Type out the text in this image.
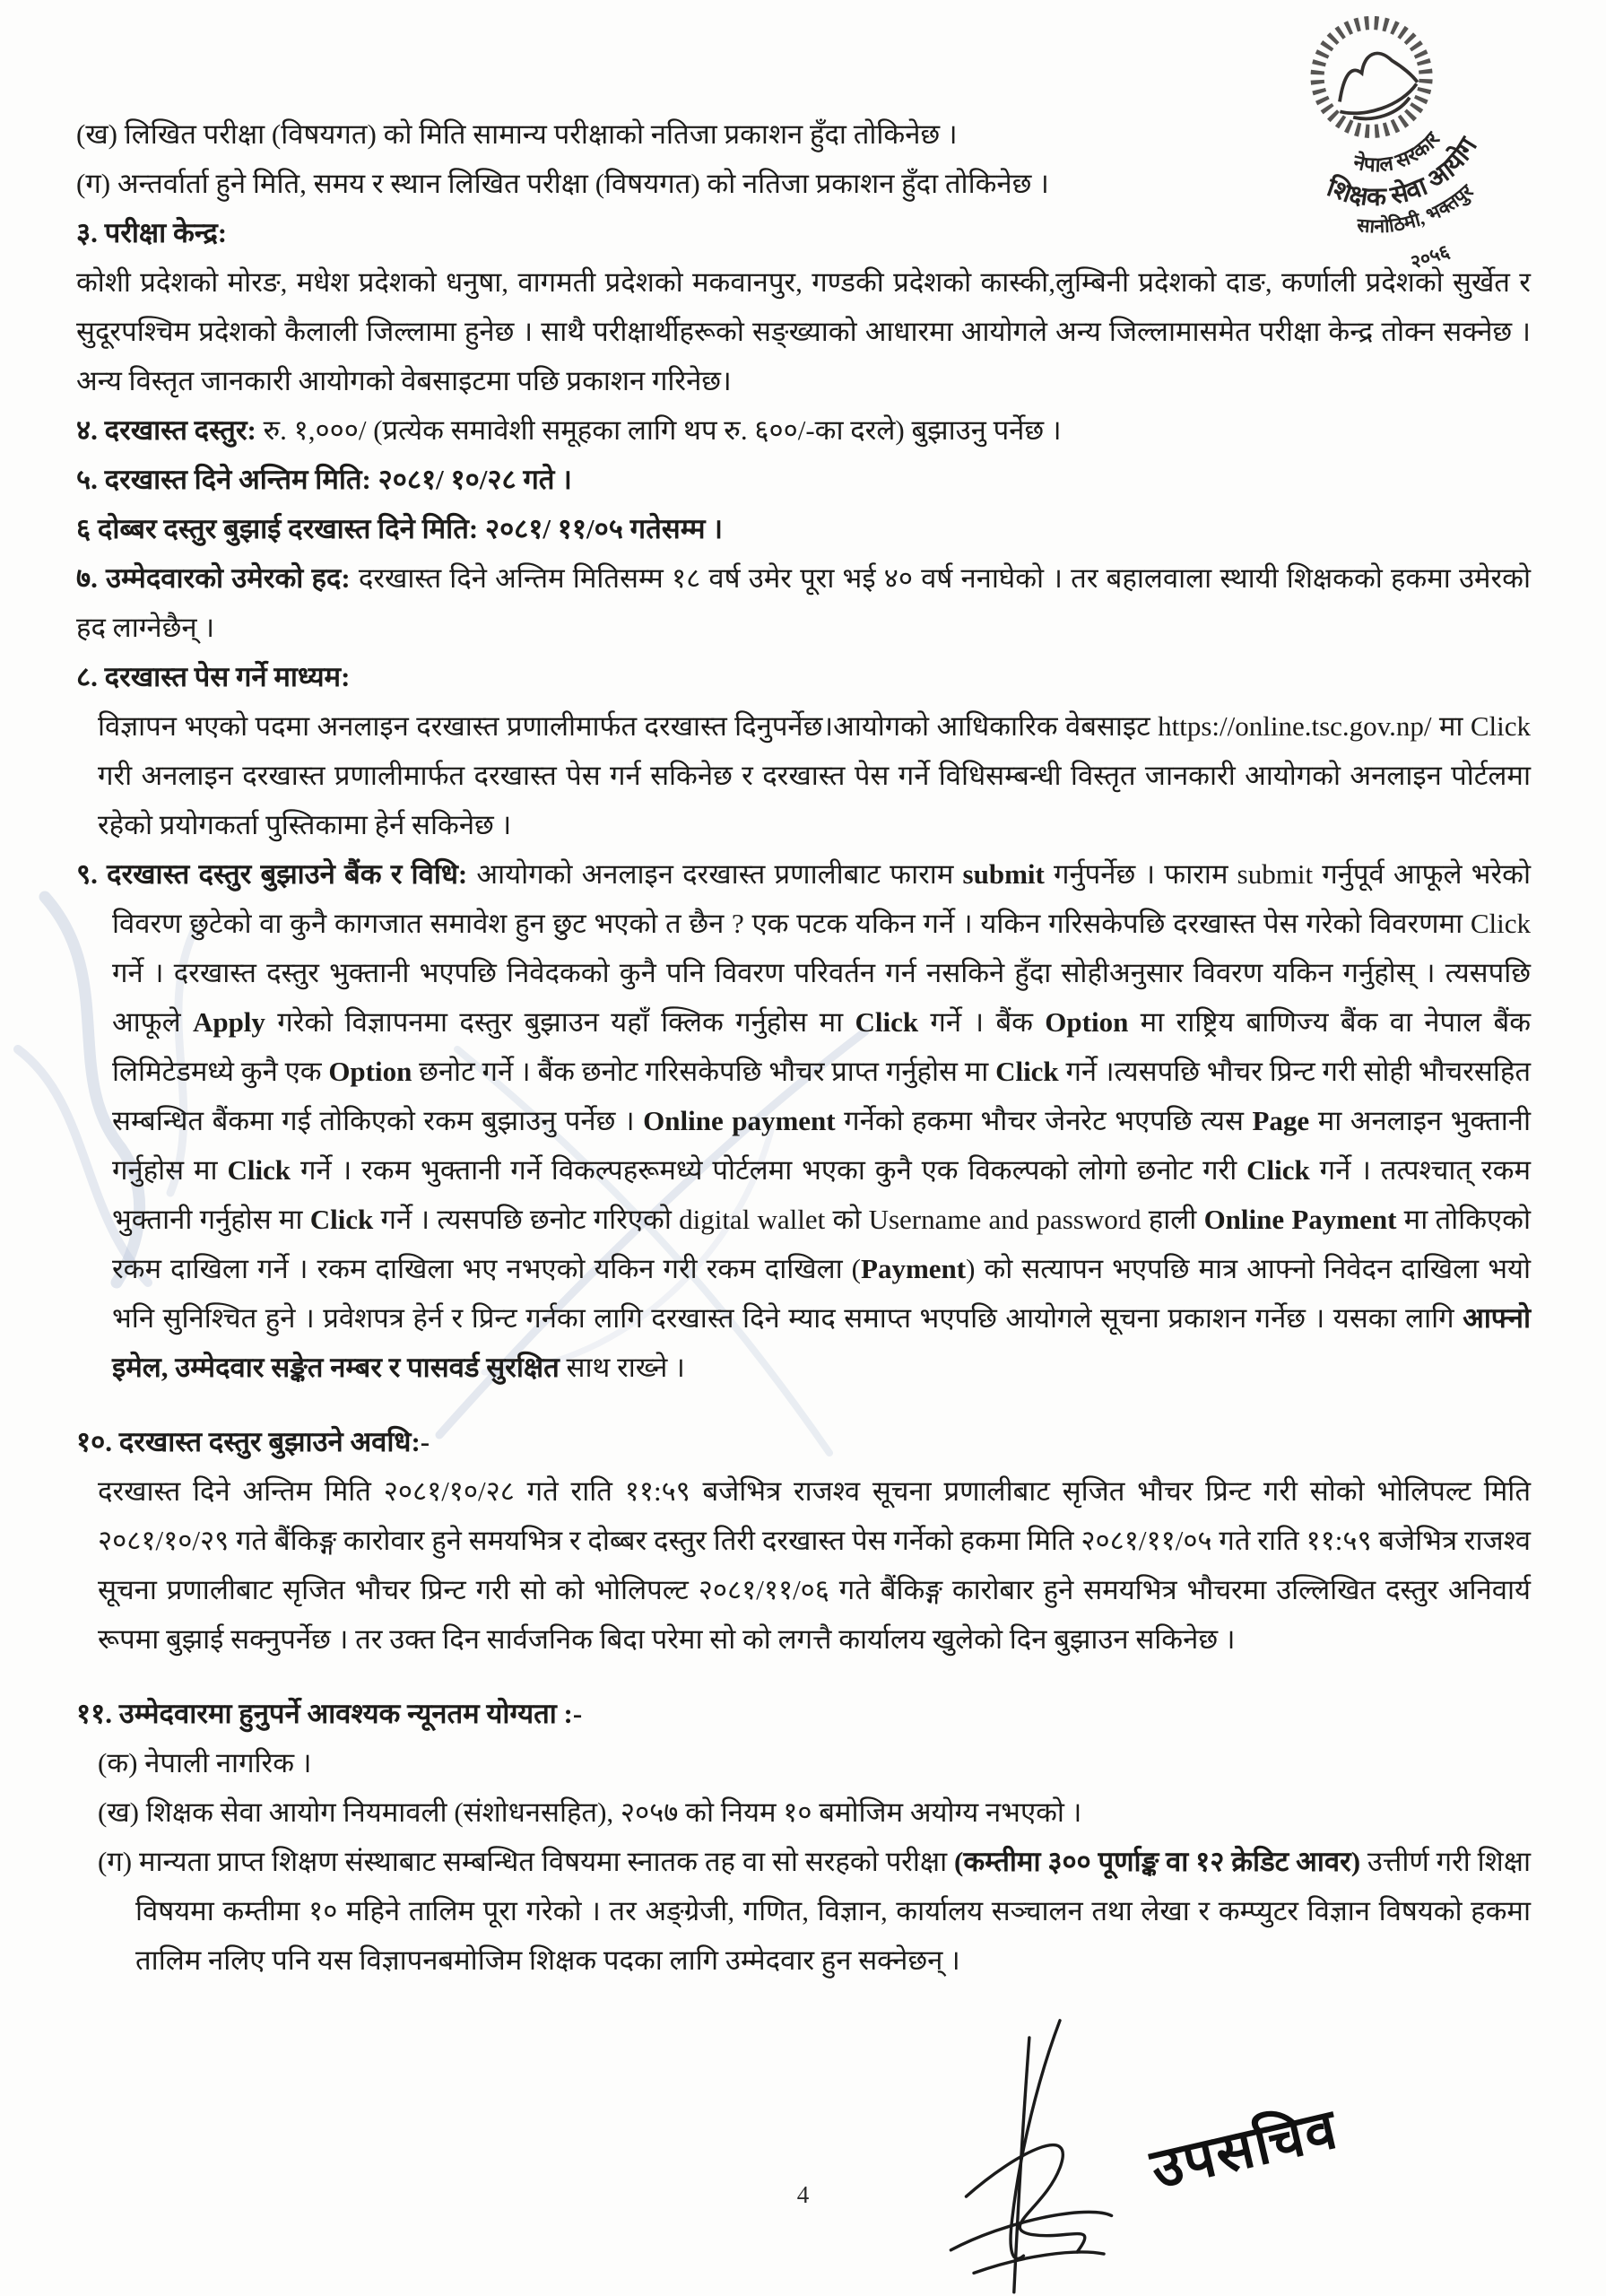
नेपाल सरकार
शिक्षक सेवा आयोग
सानोठिमी, भक्तपुर
२०५६

(ख) लिखित परीक्षा (विषयगत) को मिति सामान्य परीक्षाको नतिजा प्रकाशन हुँदा तोकिनेछ ।

(ग) अन्तर्वार्ता हुने मिति, समय र स्थान लिखित परीक्षा (विषयगत) को नतिजा प्रकाशन हुँदा तोकिनेछ ।

३. परीक्षा केन्द्र:

कोशी प्रदेशको मोरङ, मधेश प्रदेशको धनुषा, वागमती प्रदेशको मकवानपुर, गण्डकी प्रदेशको कास्की,लुम्बिनी प्रदेशको दाङ, कर्णाली प्रदेशको सुर्खेत र सुदूरपश्चिम प्रदेशको कैलाली जिल्लामा हुनेछ । साथै परीक्षार्थीहरूको सङ्ख्याको आधारमा आयोगले अन्य जिल्लामासमेत परीक्षा केन्द्र तोक्न सक्नेछ । अन्य विस्तृत जानकारी आयोगको वेबसाइटमा पछि प्रकाशन गरिनेछ।

४. दरखास्त दस्तुर: रु. १,०००/ (प्रत्येक समावेशी समूहका लागि थप रु. ६००/-का दरले) बुझाउनु पर्नेछ ।

५. दरखास्त दिने अन्तिम मिति: २०८१/ १०/२८ गते ।

६ दोब्बर दस्तुर बुझाई दरखास्त दिने मिति: २०८१/ ११/०५ गतेसम्म ।

७. उम्मेदवारको उमेरको हद: दरखास्त दिने अन्तिम मितिसम्म १८ वर्ष उमेर पूरा भई ४० वर्ष ननाघेको । तर बहालवाला स्थायी शिक्षकको हकमा उमेरको हद लाग्नेछैन् ।

८. दरखास्त पेस गर्ने माध्यम:

विज्ञापन भएको पदमा अनलाइन दरखास्त प्रणालीमार्फत दरखास्त दिनुपर्नेछ।आयोगको आधिकारिक वेबसाइट https://online.tsc.gov.np/ मा Click गरी अनलाइन दरखास्त प्रणालीमार्फत दरखास्त पेस गर्न सकिनेछ र दरखास्त पेस गर्ने विधिसम्बन्धी विस्तृत जानकारी आयोगको अनलाइन पोर्टलमा रहेको प्रयोगकर्ता पुस्तिकामा हेर्न सकिनेछ ।

९. दरखास्त दस्तुर बुझाउने बैंक र विधि: आयोगको अनलाइन दरखास्त प्रणालीबाट फाराम submit गर्नुपर्नेछ । फाराम submit गर्नुपूर्व आफूले भरेको विवरण छुटेको वा कुनै कागजात समावेश हुन छुट भएको त छैन ? एक पटक यकिन गर्ने । यकिन गरिसकेपछि दरखास्त पेस गरेको विवरणमा Click गर्ने । दरखास्त दस्तुर भुक्तानी भएपछि निवेदकको कुनै पनि विवरण परिवर्तन गर्न नसकिने हुँदा सोहीअनुसार विवरण यकिन गर्नुहोस् । त्यसपछि आफूले Apply गरेको विज्ञापनमा दस्तुर बुझाउन यहाँ क्लिक गर्नुहोस मा Click गर्ने । बैंक Option मा राष्ट्रिय बाणिज्य बैंक वा नेपाल बैंक लिमिटेडमध्ये कुनै एक Option छनोट गर्ने । बैंक छनोट गरिसकेपछि भौचर प्राप्त गर्नुहोस मा Click गर्ने ।त्यसपछि भौचर प्रिन्ट गरी सोही भौचरसहित सम्बन्धित बैंकमा गई तोकिएको रकम बुझाउनु पर्नेछ । Online payment गर्नेको हकमा भौचर जेनरेट भएपछि त्यस Page मा अनलाइन भुक्तानी गर्नुहोस मा Click गर्ने । रकम भुक्तानी गर्ने विकल्पहरूमध्ये पोर्टलमा भएका कुनै एक विकल्पको लोगो छनोट गरी Click गर्ने । तत्पश्चात् रकम भुक्तानी गर्नुहोस मा Click गर्ने । त्यसपछि छनोट गरिएको digital wallet को Username and password हाली Online Payment मा तोकिएको रकम दाखिला गर्ने । रकम दाखिला भए नभएको यकिन गरी रकम दाखिला (Payment) को सत्यापन भएपछि मात्र आफ्नो निवेदन दाखिला भयो भनि सुनिश्चित हुने । प्रवेशपत्र हेर्न र प्रिन्ट गर्नका लागि दरखास्त दिने म्याद समाप्त भएपछि आयोगले सूचना प्रकाशन गर्नेछ । यसका लागि आफ्नो इमेल, उम्मेदवार सङ्केत नम्बर र पासवर्ड सुरक्षित साथ राख्ने ।

१०. दरखास्त दस्तुर बुझाउने अवधि:-

दरखास्त दिने अन्तिम मिति २०८१/१०/२८ गते राति ११:५९ बजेभित्र राजश्व सूचना प्रणालीबाट सृजित भौचर प्रिन्ट गरी सोको भोलिपल्ट मिति २०८१/१०/२९ गते बैंकिङ्ग कारोवार हुने समयभित्र र दोब्बर दस्तुर तिरी दरखास्त पेस गर्नेको हकमा मिति २०८१/११/०५ गते राति ११:५९ बजेभित्र राजश्व सूचना प्रणालीबाट सृजित भौचर प्रिन्ट गरी सो को भोलिपल्ट २०८१/११/०६ गते बैंकिङ्ग कारोबार हुने समयभित्र भौचरमा उल्लिखित दस्तुर अनिवार्य रूपमा बुझाई सक्नुपर्नेछ । तर उक्त दिन सार्वजनिक बिदा परेमा सो को लगत्तै कार्यालय खुलेको दिन बुझाउन सकिनेछ ।

११. उम्मेदवारमा हुनुपर्ने आवश्यक न्यूनतम योग्यता :-

(क) नेपाली नागरिक ।

(ख) शिक्षक सेवा आयोग नियमावली (संशोधनसहित), २०५७ को नियम १० बमोजिम अयोग्य नभएको ।

(ग) मान्यता प्राप्त शिक्षण संस्थाबाट सम्बन्धित विषयमा स्नातक तह वा सो सरहको परीक्षा (कम्तीमा ३०० पूर्णाङ्क वा १२ क्रेडिट आवर) उत्तीर्ण गरी शिक्षा विषयमा कम्तीमा १० महिने तालिम पूरा गरेको । तर अङ्ग्रेजी, गणित, विज्ञान, कार्यालय सञ्चालन तथा लेखा र कम्प्युटर विज्ञान विषयको हकमा तालिम नलिए पनि यस विज्ञापनबमोजिम शिक्षक पदका लागि उम्मेदवार हुन सक्नेछन् ।

4	उपसचिव
